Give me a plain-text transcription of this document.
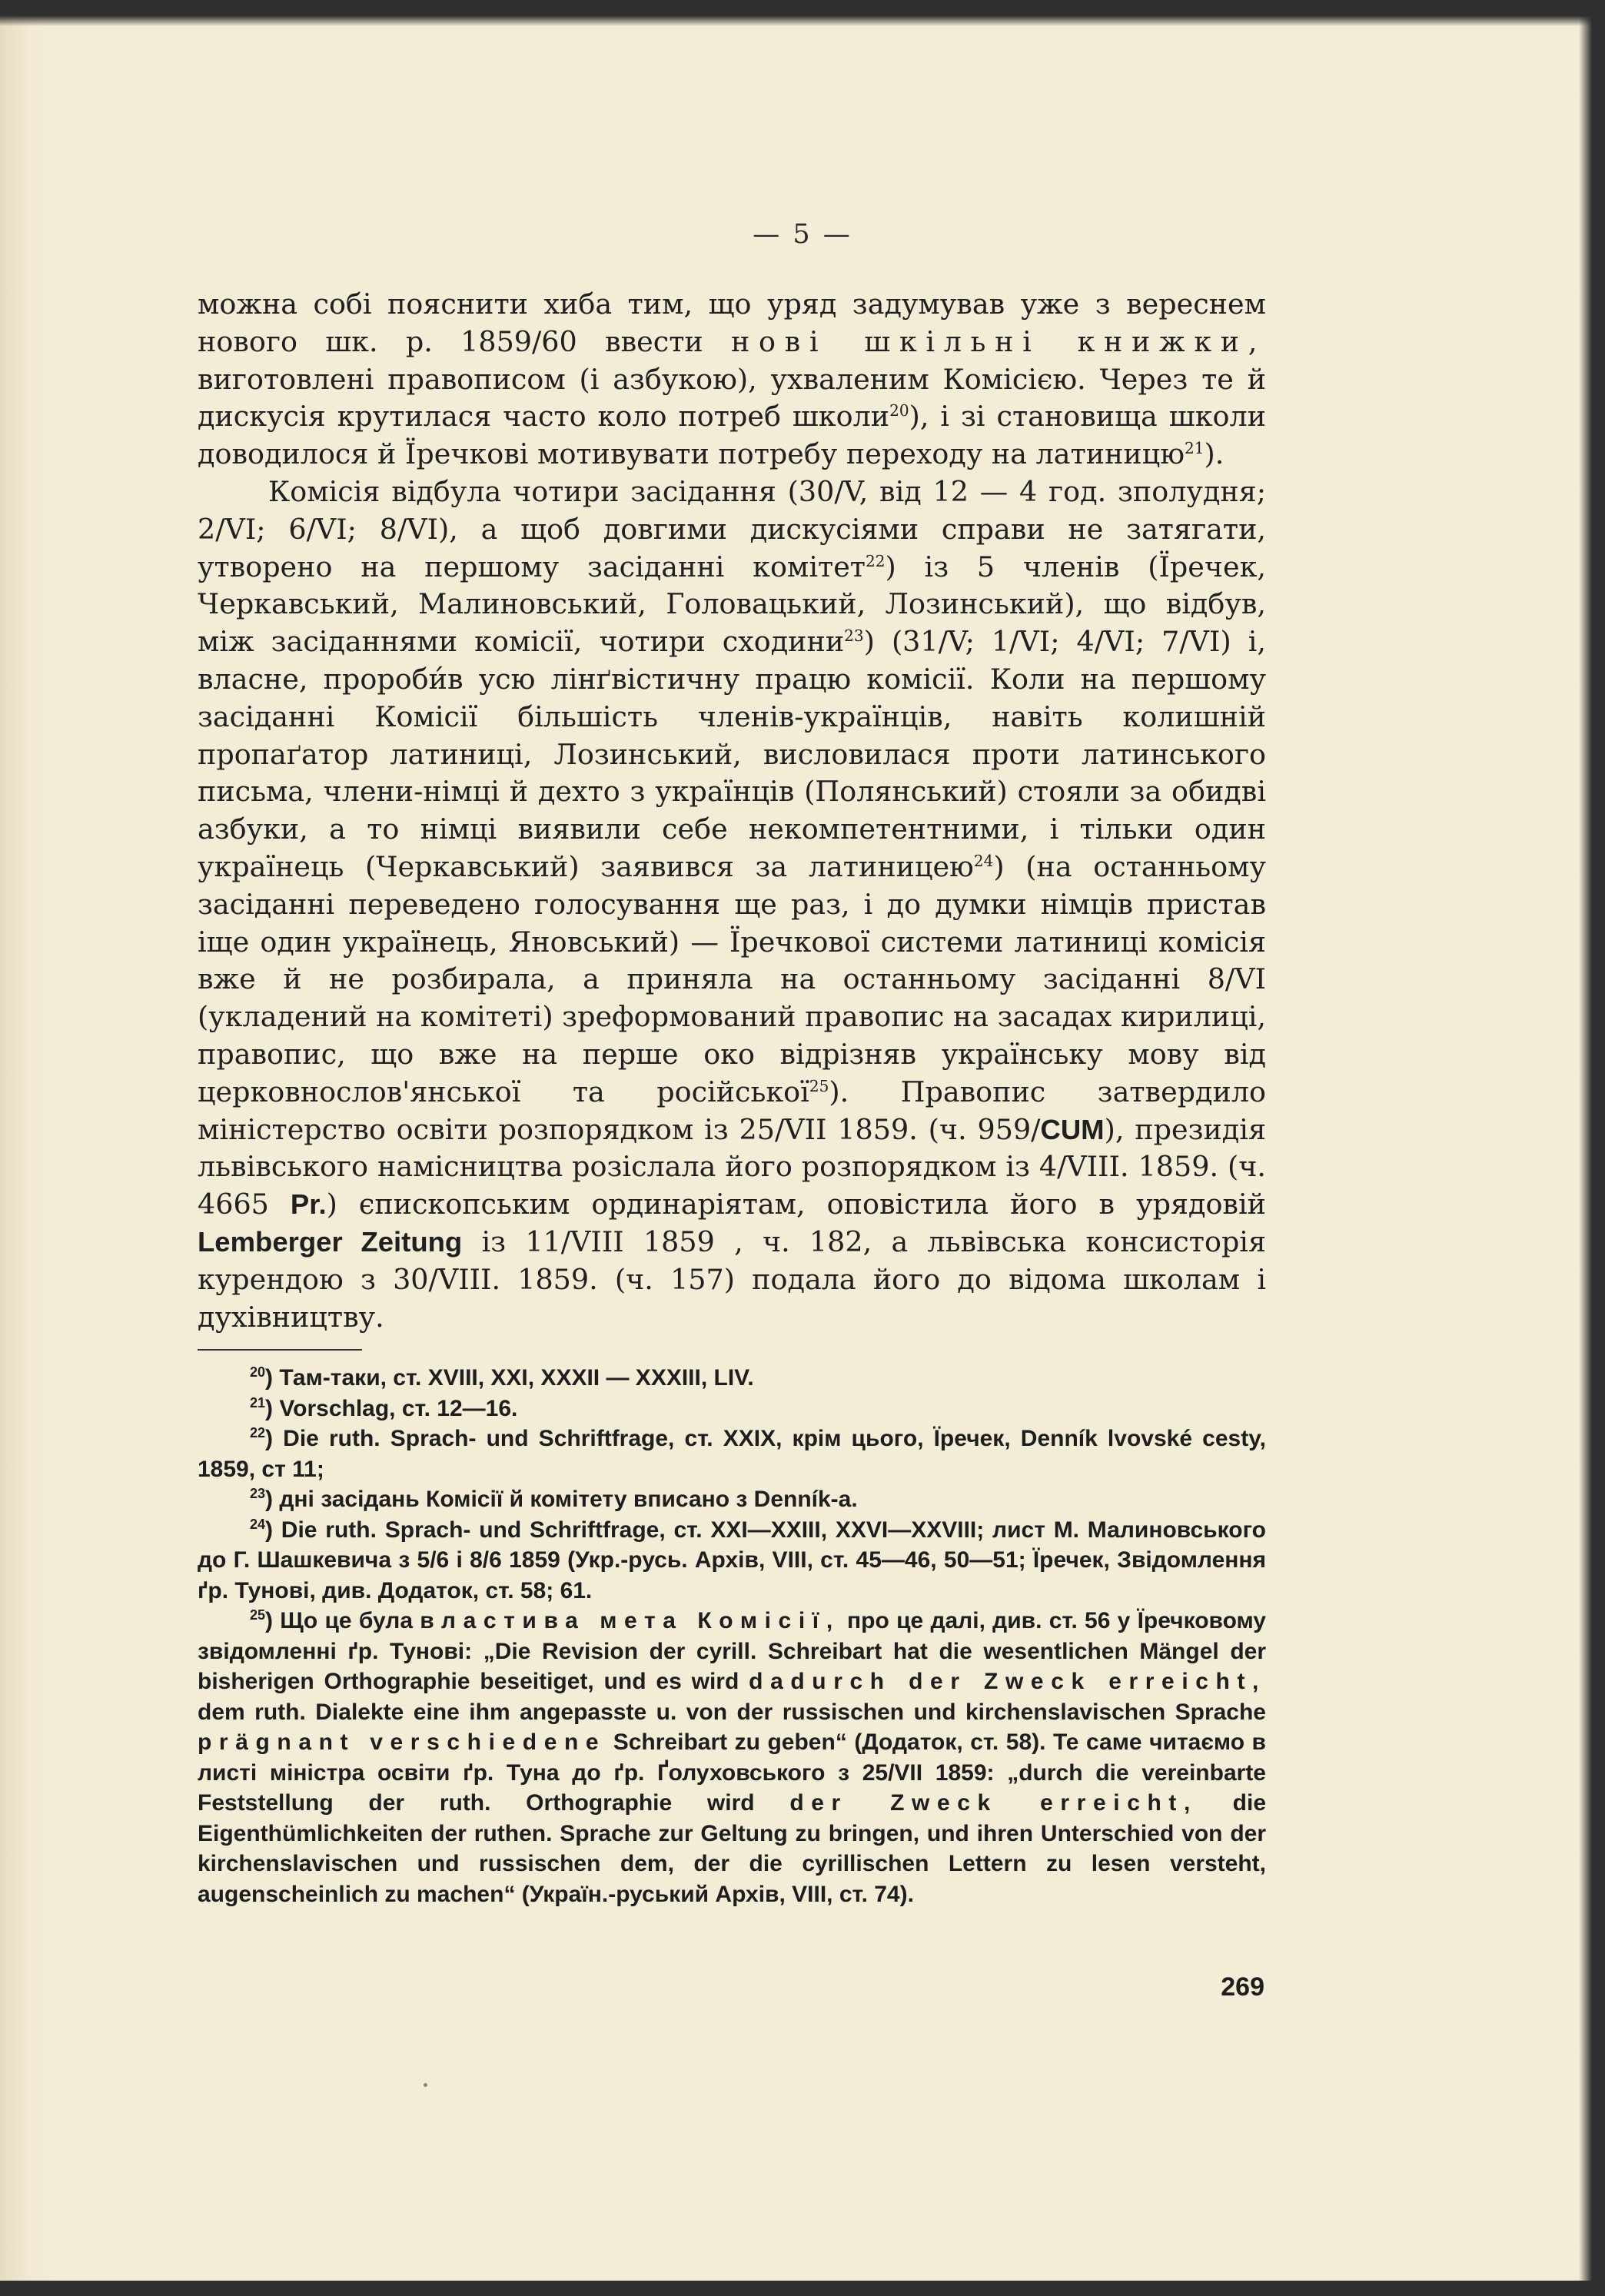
— 5 —

можна собі пояснити хиба тим, що уряд задумував уже з вереснем нового шк. р. 1859/60 ввести нові шкільні книжки, виготовлені правописом (і азбукою), ухваленим Комісією. Через те й дискусія крутилася часто коло потреб школи$^{20}$), і зі становища школи доводилося й Їречкові мотивувати потребу переходу на латиницю$^{21}$).

Комісія відбула чотири засідання (30/V, від 12 — 4 год. зполудня; 2/VI; 6/VI; 8/VI), а щоб довгими дискусіями справи не затягати, утворено на першому засіданні комітет$^{22}$) із 5 членів (Їречек, Черкавський, Малиновський, Головацький, Лозинський), що відбув, між засіданнями комісії, чотири сходини$^{23}$) (31/V; 1/VI; 4/VI; 7/VI) і, власне, пророби́в усю лінґвістичну працю комісії. Коли на першому засіданні Комісії більшість членів-українців, навіть колишній пропаґатор латиниці, Лозинський, висловилася проти латинського письма, члени-німці й дехто з українців (Полянський) стояли за обидві азбуки, а то німці виявили себе некомпетентними, і тільки один українець (Черкавський) заявився за латиницею$^{24}$) (на останньому засіданні переведено голосування ще раз, і до думки німців пристав іще один українець, Яновський) — Їречкової системи латиниці комісія вже й не розбирала, а приняла на останньому засіданні 8/VI (укладений на комітеті) зреформований правопис на засадах кирилиці, правопис, що вже на перше око відрізняв українську мову від церковнослов'янської та російської$^{25}$). Правопис затвердило міністерство освіти розпорядком із 25/VII 1859. (ч. 959/CUM), президія львівського намісництва розіслала його розпорядком із 4/VIII. 1859. (ч. 4665 Pr.) єпископським ординаріятам, оповістила його в урядовій Lemberger Zeitung із 11/VIII 1859 , ч. 182, а львівська консисторія курендою з 30/VIII. 1859. (ч. 157) подала його до відома школам і духівництву.

$^{20}$) Там-таки, ст. XVIII, XXI, XXXII — XXXIII, LIV.

$^{21}$) Vorschlag, ст. 12—16.

$^{22}$) Die ruth. Sprach- und Schriftfrage, ст. XXIX, крім цього, Їречек, Denník lvovské cesty, 1859, ст 11;

$^{23}$) дні засідань Комісії й комітету вписано з Denník-а.

$^{24}$) Die ruth. Sprach- und Schriftfrage, ст. XXI—XXIII, XXVI—XXVIII; лист М. Малиновського до Г. Шашкевича з 5/6 і 8/6 1859 (Укр.-русь. Архів, VIII, ст. 45—46, 50—51; Їречек, Звідомлення ґр. Тунові, див. Додаток, ст. 58; 61.

$^{25}$) Що це була властива мета Комісії, про це далі, див. ст. 56 у Їречковому звідомленні ґр. Тунові: „Die Revision der cyrill. Schreibart hat die wesentlichen Mängel der bisherigen Orthographie beseitiget, und es wird dadurch der Zweck erreicht, dem ruth. Dialekte eine ihm angepasste u. von der russischen und kirchenslavischen Sprache prägnant verschiedene Schreibart zu geben“ (Додаток, ст. 58). Те саме читаємо в листі міністра освіти ґр. Туна до ґр. Ґолуховського з 25/VII 1859: „durch die vereinbarte Feststellung der ruth. Orthographie wird der Zweck erreicht, die Eigenthümlichkeiten der ruthen. Sprache zur Geltung zu bringen, und ihren Unterschied von der kirchenslavischen und russischen dem, der die cyrillischen Lettern zu lesen versteht, augenscheinlich zu machen“ (Україн.-руський Архів, VIII, ст. 74).

269
